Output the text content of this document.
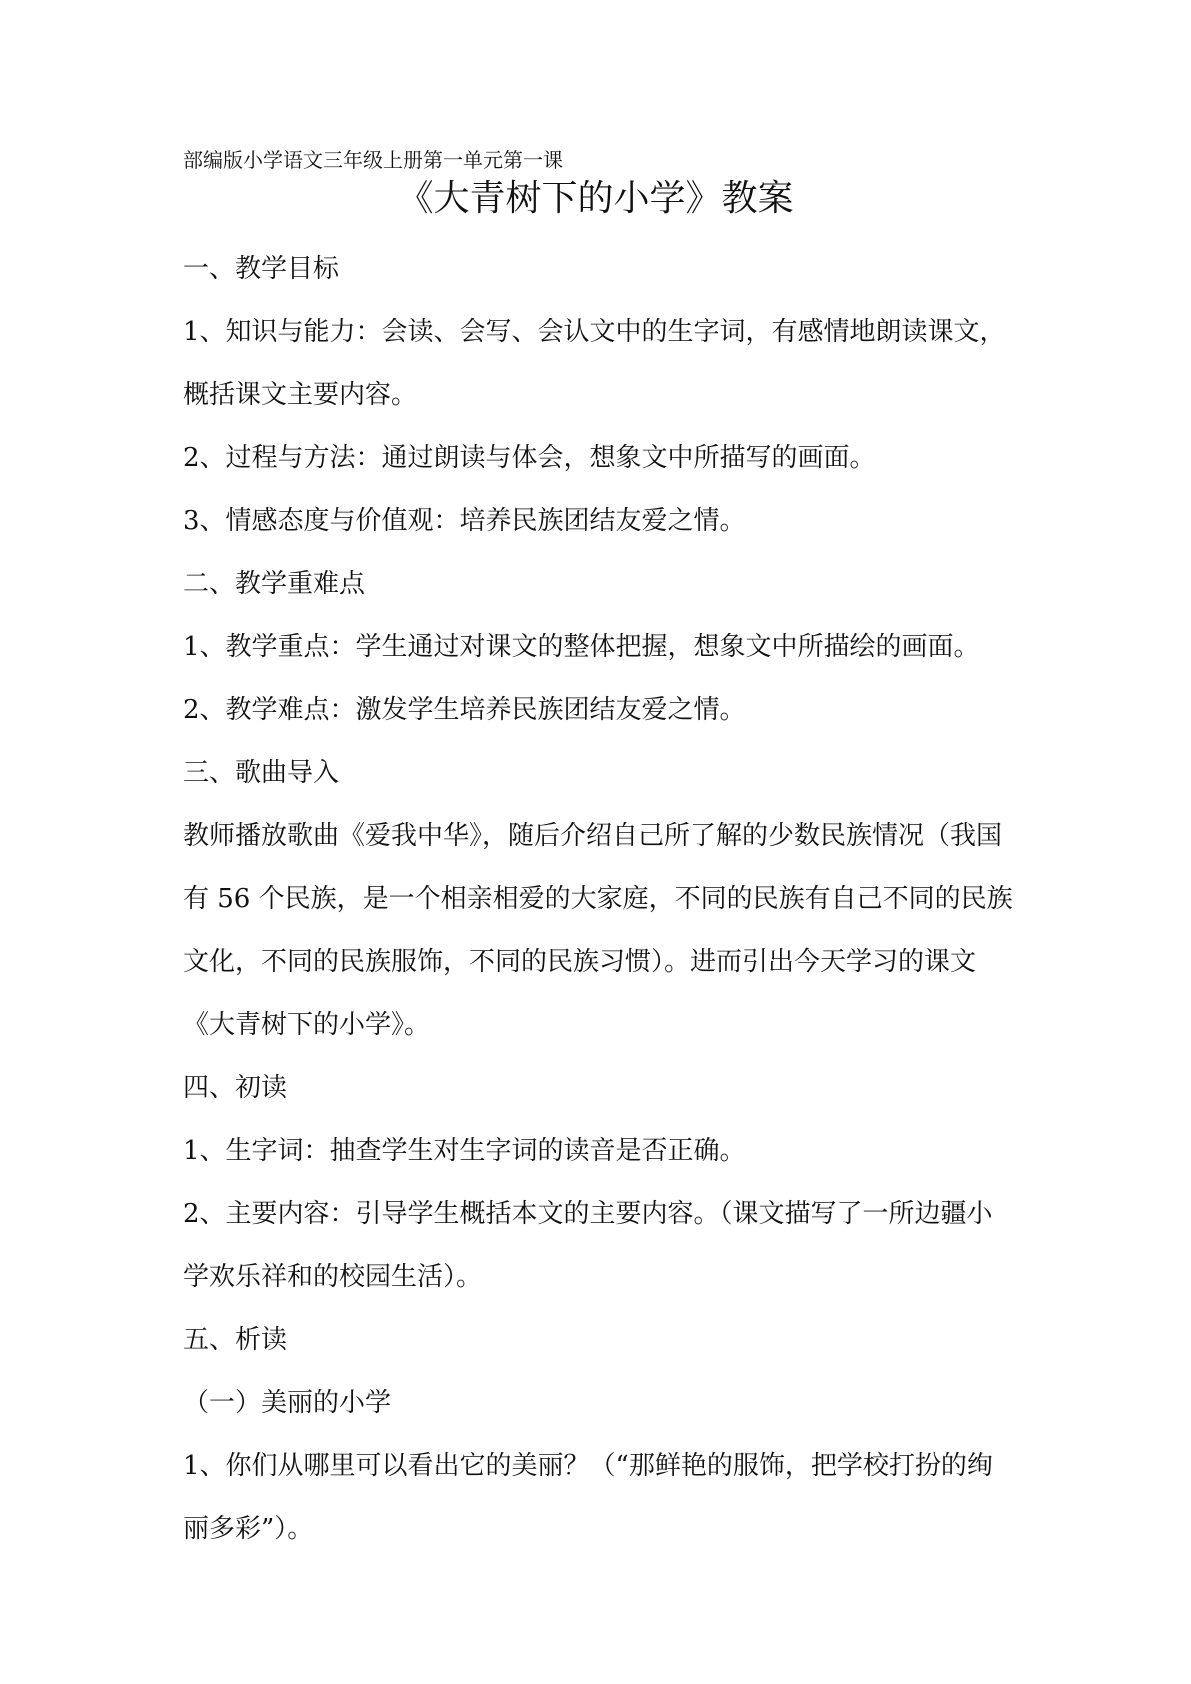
部编版小学语文三年级上册第一单元第一课
《大青树下的小学》教案

一、教学目标

1、知识与能力：会读、会写、会认文中的生字词，有感情地朗读课文，概括课文主要内容。

2、过程与方法：通过朗读与体会，想象文中所描写的画面。

3、情感态度与价值观：培养民族团结友爱之情。

二、教学重难点

1、教学重点：学生通过对课文的整体把握，想象文中所描绘的画面。

2、教学难点：激发学生培养民族团结友爱之情。

三、歌曲导入

教师播放歌曲《爱我中华》，随后介绍自己所了解的少数民族情况（我国有 56 个民族，是一个相亲相爱的大家庭，不同的民族有自己不同的民族文化，不同的民族服饰，不同的民族习惯）。进而引出今天学习的课文《大青树下的小学》。

四、初读

1、生字词：抽查学生对生字词的读音是否正确。

2、主要内容：引导学生概括本文的主要内容。（课文描写了一所边疆小学欢乐祥和的校园生活）。

五、析读

（一）美丽的小学

1、你们从哪里可以看出它的美丽？（“那鲜艳的服饰，把学校打扮的绚丽多彩”）。
